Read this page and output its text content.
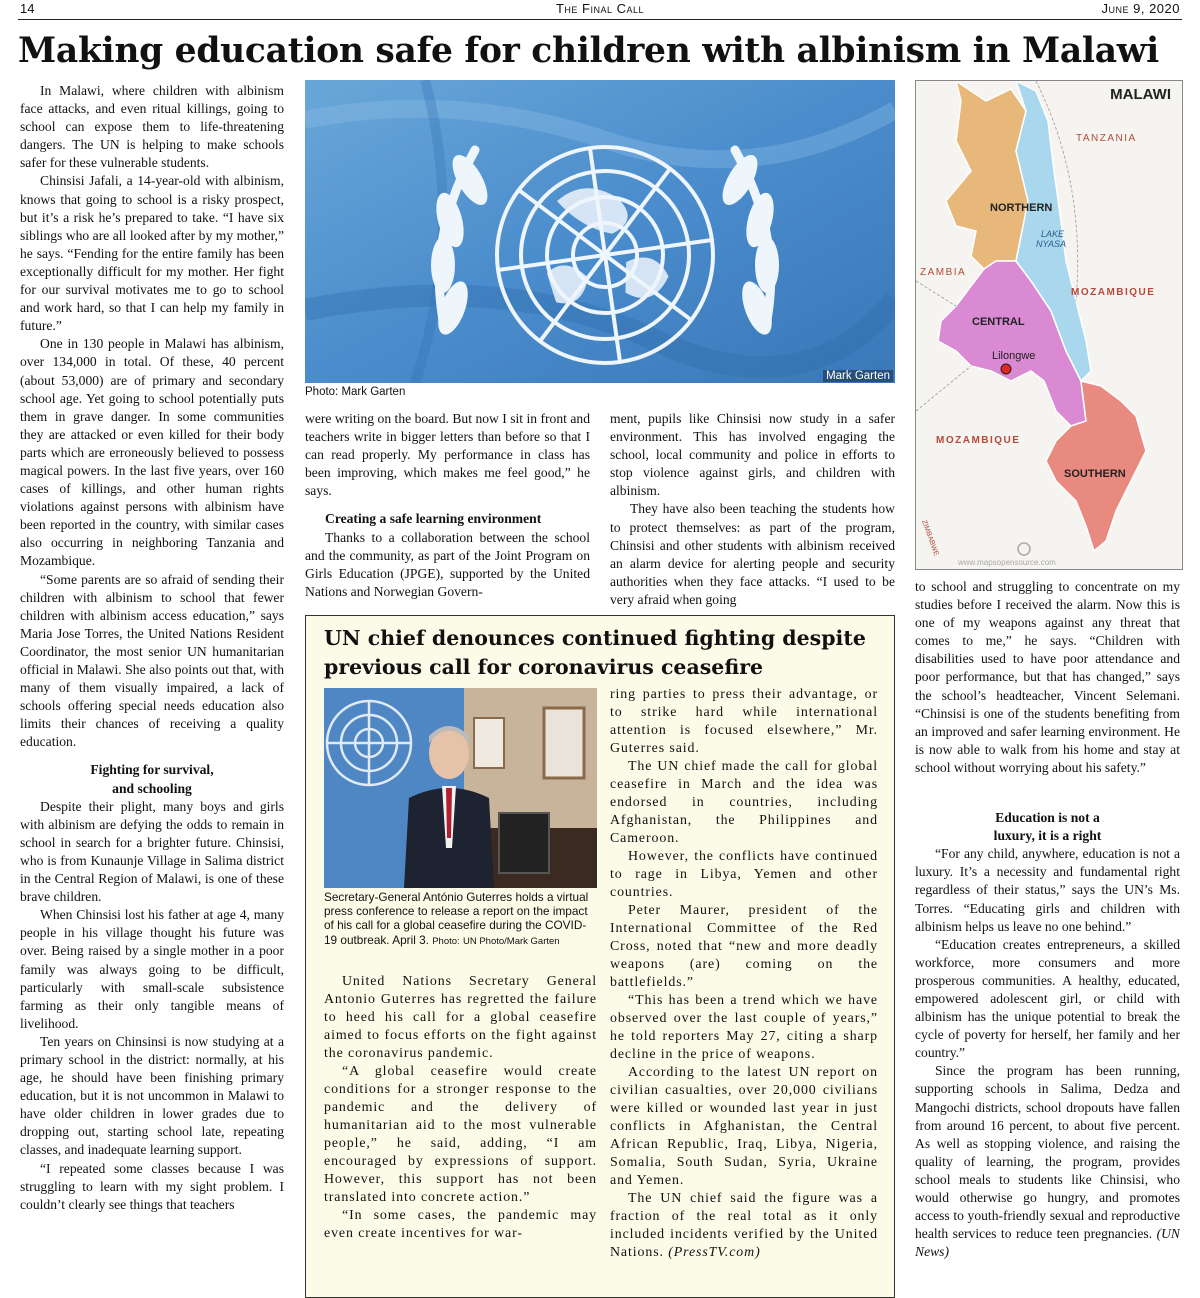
The Final Call
14	June 9, 2020
Making education safe for children with albinism in Malawi

In Malawi, where children with albinism face attacks, and even ritual killings, going to school can expose them to life-threatening dangers. The UN is helping to make schools safer for these vulnerable students.

Chinsisi Jafali, a 14-year-old with albinism, knows that going to school is a risky prospect, but it’s a risk he’s prepared to take. “I have six siblings who are all looked after by my mother,” he says. “Fending for the entire family has been exceptionally difficult for my mother. Her fight for our survival motivates me to go to school and work hard, so that I can help my family in future.”

One in 130 people in Malawi has albinism, over 134,000 in total. Of these, 40 percent (about 53,000) are of primary and secondary school age. Yet going to school potentially puts them in grave danger. In some communities they are attacked or even killed for their body parts which are erroneously believed to possess magical powers. In the last five years, over 160 cases of killings, and other human rights violations against persons with albinism have been reported in the country, with similar cases also occurring in neighboring Tanzania and Mozambique.

“Some parents are so afraid of sending their children with albinism to school that fewer children with albinism access education,” says Maria Jose Torres, the United Nations Resident Coordinator, the most senior UN humanitarian official in Malawi. She also points out that, with many of them visually impaired, a lack of schools offering special needs education also limits their chances of receiving a quality education.

Fighting for survival,
and schooling

Despite their plight, many boys and girls with albinism are defying the odds to remain in school in search for a brighter future. Chinsisi, who is from Kunaunje Village in Salima district in the Central Region of Malawi, is one of these brave children.

When Chinsisi lost his father at age 4, many people in his village thought his future was over. Being raised by a single mother in a poor family was always going to be difficult, particularly with small-scale subsistence farming as their only tangible means of livelihood.

Ten years on Chinsinsi is now studying at a primary school in the district: normally, at his age, he should have been finishing primary education, but it is not uncommon in Malawi to have older children in lower grades due to dropping out, starting school late, repeating classes, and inadequate learning support.

“I repeated some classes because I was struggling to learn with my sight problem. I couldn’t clearly see things that teachers

Mark Garten
Photo: Mark Garten
MALAWI
TANZANIA
NORTHERN
LAKE
NYASA
ZAMBIA
MOZAMBIQUE
CENTRAL
Lilongwe
MOZAMBIQUE
SOUTHERN
ZIMBABWE
www.mapsopensource.com

were writing on the board. But now I sit in front and teachers write in bigger letters than before so that I can read properly. My performance in class has been improving, which makes me feel good,” he says.

Creating a safe learning environment

Thanks to a collaboration between the school and the community, as part of the Joint Program on Girls Education (JPGE), supported by the United Nations and Norwegian Govern-

ment, pupils like Chinsisi now study in a safer environment. This has involved engaging the school, local community and police in efforts to stop violence against girls, and children with albinism.

They have also been teaching the students how to protect themselves: as part of the program, Chinsisi and other students with albinism received an alarm device for alerting people and security authorities when they face attacks. “I used to be very afraid when going

to school and struggling to concentrate on my studies before I received the alarm. Now this is one of my weapons against any threat that comes to me,” he says. “Children with disabilities used to have poor attendance and poor performance, but that has changed,” says the school’s headteacher, Vincent Selemani. “Chinsisi is one of the students benefiting from an improved and safer learning environment. He is now able to walk from his home and stay at school without worrying about his safety.”

Education is not a
luxury, it is a right

“For any child, anywhere, education is not a luxury. It’s a necessity and fundamental right regardless of their status,” says the UN’s Ms. Torres. “Educating girls and children with albinism helps us leave no one behind.”

“Education creates entrepreneurs, a skilled workforce, more consumers and more prosperous communities. A healthy, educated, empowered adolescent girl, or child with albinism has the unique potential to break the cycle of poverty for herself, her family and her country.”

Since the program has been running, supporting schools in Salima, Dedza and Mangochi districts, school dropouts have fallen from around 16 percent, to about five percent. As well as stopping violence, and raising the quality of learning, the program, provides school meals to students like Chinsisi, who would otherwise go hungry, and promotes access to youth-friendly sexual and reproductive health services to reduce teen pregnancies. (UN News)

UN chief denounces continued fighting despite previous call for coronavirus ceasefire
Secretary-General António Guterres holds a virtual press conference to release a report on the impact of his call for a global ceasefire during the COVID-19 outbreak. April 3. Photo: UN Photo/Mark Garten

United Nations Secretary General Antonio Guterres has regretted the failure to heed his call for a global ceasefire aimed to focus efforts on the fight against the coronavirus pandemic.

“A global ceasefire would create conditions for a stronger response to the pandemic and the delivery of humanitarian aid to the most vulnerable people,” he said, adding, “I am encouraged by expressions of support. However, this support has not been translated into concrete action.”

“In some cases, the pandemic may even create incentives for war-

ring parties to press their advantage, or to strike hard while international attention is focused elsewhere,” Mr. Guterres said.

The UN chief made the call for global ceasefire in March and the idea was endorsed in countries, including Afghanistan, the Philippines and Cameroon.

However, the conflicts have continued to rage in Libya, Yemen and other countries.

Peter Maurer, president of the International Committee of the Red Cross, noted that “new and more deadly weapons (are) coming on the battlefields.”

“This has been a trend which we have observed over the last couple of years,” he told reporters May 27, citing a sharp decline in the price of weapons.

According to the latest UN report on civilian casualties, over 20,000 civilians were killed or wounded last year in just conflicts in Afghanistan, the Central African Republic, Iraq, Libya, Nigeria, Somalia, South Sudan, Syria, Ukraine and Yemen.

The UN chief said the figure was a fraction of the real total as it only included incidents verified by the United Nations. (PressTV.com)
